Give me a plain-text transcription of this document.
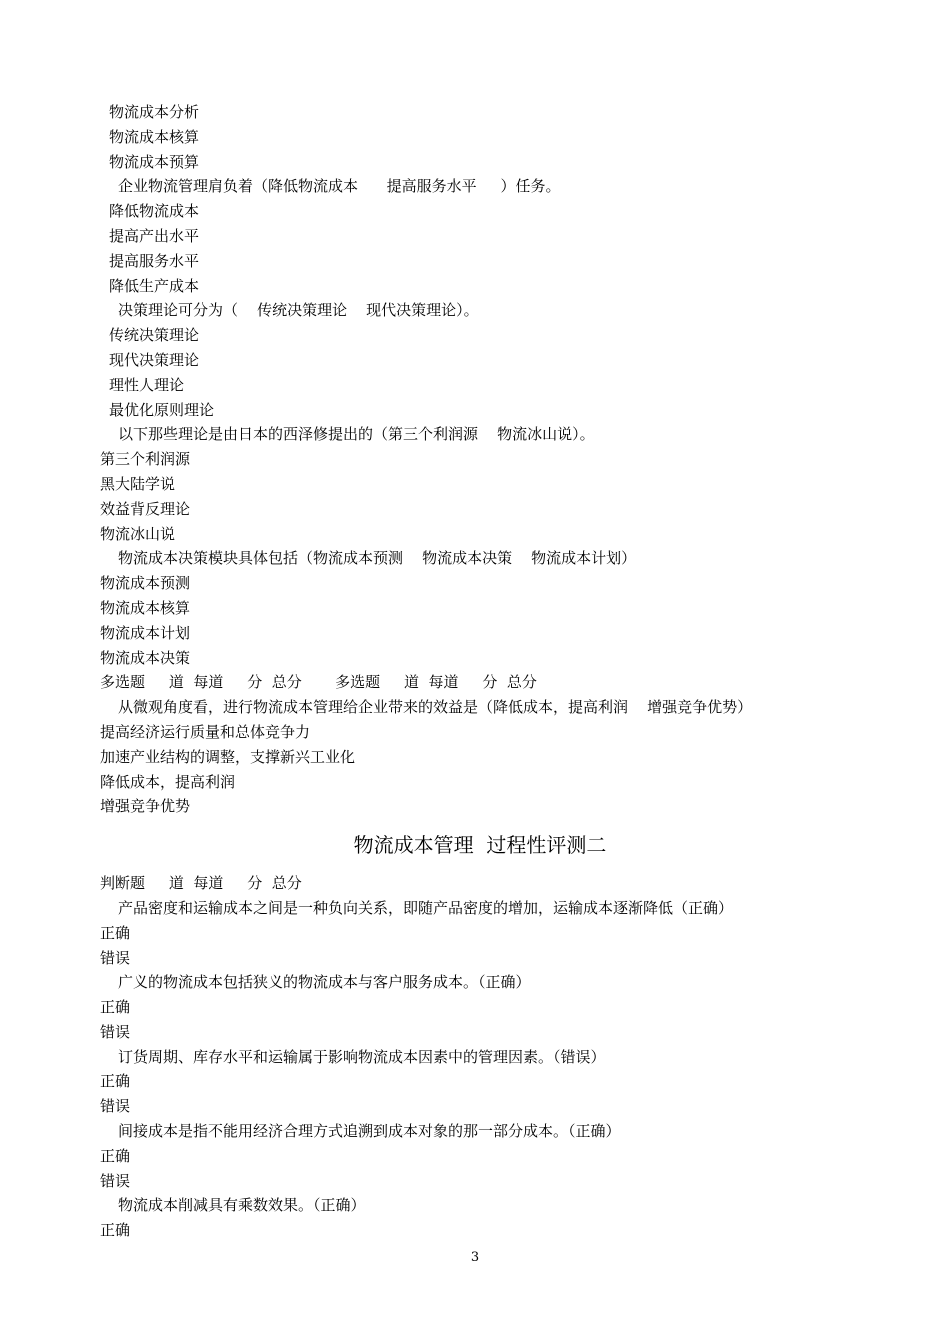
物流成本分析
物流成本核算
物流成本预算
企业物流管理肩负着（降低物流成本      提高服务水平     ）任务。
降低物流成本
提高产出水平
提高服务水平
降低生产成本
决策理论可分为（    传统决策理论    现代决策理论）。
传统决策理论
现代决策理论
理性人理论
最优化原则理论
以下那些理论是由日本的西泽修提出的（第三个利润源    物流冰山说）。
第三个利润源
黑大陆学说
效益背反理论
物流冰山说
物流成本决策模块具体包括（物流成本预测    物流成本决策    物流成本计划）
物流成本预测
物流成本核算
物流成本计划
物流成本决策
多选题     道  每道     分  总分       多选题     道  每道     分  总分
从微观角度看，进行物流成本管理给企业带来的效益是（降低成本，提高利润    增强竞争优势）
提高经济运行质量和总体竞争力
加速产业结构的调整，支撑新兴工业化
降低成本，提高利润
增强竞争优势
物流成本管理  过程性评测二
判断题     道  每道     分  总分
产品密度和运输成本之间是一种负向关系，即随产品密度的增加，运输成本逐渐降低（正确）
正确
错误
广义的物流成本包括狭义的物流成本与客户服务成本。（正确）
正确
错误
订货周期、库存水平和运输属于影响物流成本因素中的管理因素。（错误）
正确
错误
间接成本是指不能用经济合理方式追溯到成本对象的那一部分成本。（正确）
正确
错误
物流成本削减具有乘数效果。（正确）
正确
3
